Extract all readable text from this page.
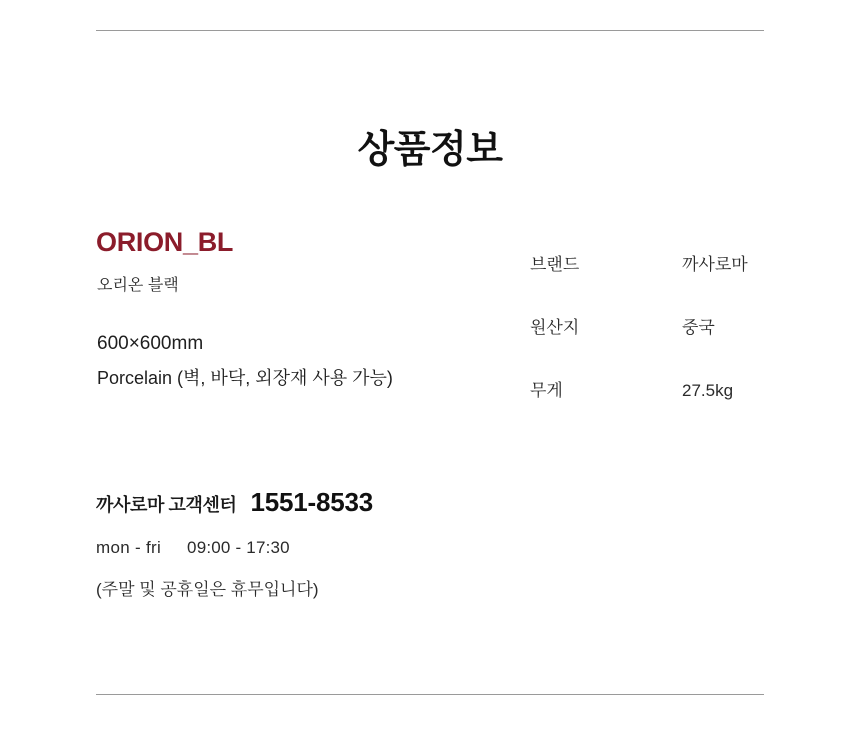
상품정보
ORION_BL
오리온 블랙
600×600mm
Porcelain (벽, 바닥, 외장재 사용 가능)
브랜드	까사로마
원산지	중국
무게	27.5kg
까사로마 고객센터 1551-8533
mon - fri 09:00 - 17:30
(주말 및 공휴일은 휴무입니다)
